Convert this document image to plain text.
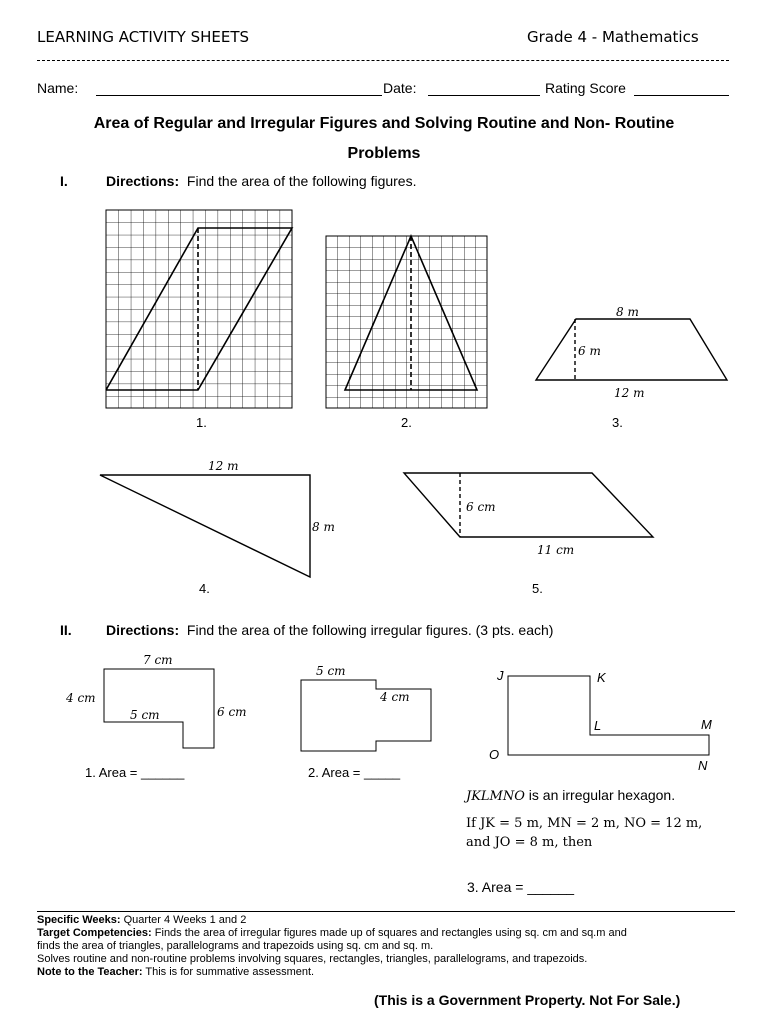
LEARNING ACTIVITY SHEETS	Grade 4 - Mathematics
Name:	Date:	Rating Score
Area of Regular and Irregular Figures and Solving Routine and Non- Routine
Problems
I.	Directions: Find the area of the following figures.
8 m
6 m
12 m
1.	2.	3.
12 m
8 m
6 cm
11 cm
4.	5.
II. Directions: Find the area of the following irregular figures. (3 pts. each)
7 cm
4 cm
5 cm	6 cm
1. Area = ______
5 cm
4 cm
2. Area = _____
J	K
L	M
O
N
JKLMNO is an irregular hexagon.
If JK = 5 m, MN = 2 m, NO = 12 m,
and JO = 8 m, then
3. Area = ______
Specific Weeks: Quarter 4 Weeks 1 and 2
Target Competencies: Finds the area of irregular figures made up of squares and rectangles using sq. cm and sq.m and
finds the area of triangles, parallelograms and trapezoids using sq. cm and sq. m.
Solves routine and non-routine problems involving squares, rectangles, triangles, parallelograms, and trapezoids.
Note to the Teacher: This is for summative assessment.
(This is a Government Property. Not For Sale.)
